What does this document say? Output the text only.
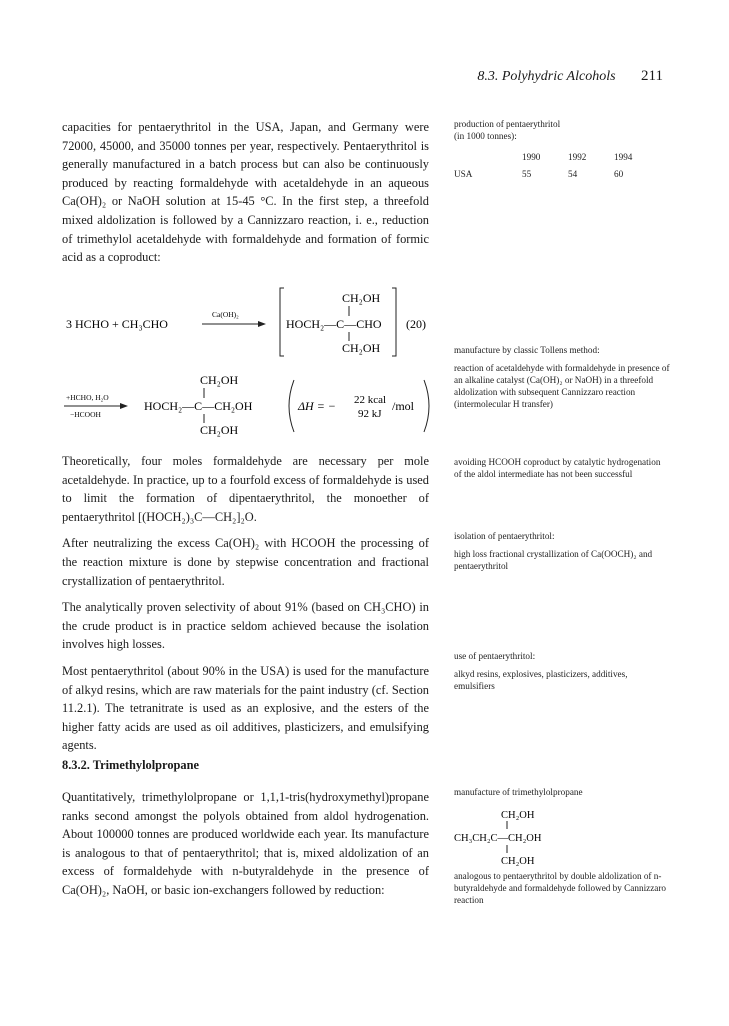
8.3. Polyhydric Alcohols 211

capacities for pentaerythritol in the USA, Japan, and Germany were 72000, 45000, and 35000 tonnes per year, respectively. Pentaerythritol is generally manufactured in a batch process but can also be continuously produced by reacting formaldehyde with acetaldehyde in an aqueous Ca(OH)₂ or NaOH solution at 15-45 °C. In the first step, a threefold mixed aldolization is followed by a Cannizzaro reaction, i. e., reduction of trimethylol acetaldehyde with formaldehyde and formation of formic acid as a coproduct:

3 HCHO + CH₃CHO
Ca(OH)₂
CH₂OH
HOCH₂—C—CHO
CH₂OH
(20)
+HCHO, H₂O
−HCOOH
CH₂OH
HOCH₂—C—CH₂OH
CH₂OH
ΔH = − 22 kcal
92 kJ
/mol

Theoretically, four moles formaldehyde are necessary per mole acetaldehyde. In practice, up to a fourfold excess of formaldehyde is used to limit the formation of dipentaerythritol, the monoether of pentaerythritol [(HOCH₂)₃C—CH₂]₂O.

After neutralizing the excess Ca(OH)₂ with HCOOH the processing of the reaction mixture is done by stepwise concentration and fractional crystallization of pentaerythritol.

The analytically proven selectivity of about 91% (based on CH₃CHO) in the crude product is in practice seldom achieved because the isolation involves high losses.

Most pentaerythritol (about 90% in the USA) is used for the manufacture of alkyd resins, which are raw materials for the paint industry (cf. Section 11.2.1). The tetranitrate is used as an explosive, and the esters of the higher fatty acids are used as oil additives, plasticizers, and emulsifying agents.

8.3.2. Trimethylolpropane

Quantitatively, trimethylolpropane or 1,1,1-tris(hydroxymethyl)propane ranks second amongst the polyols obtained from aldol hydrogenation. About 100000 tonnes are produced worldwide each year. Its manufacture is analogous to that of pentaerythritol; that is, mixed aldolization of an excess of formaldehyde with n-butyraldehyde in the presence of Ca(OH)₂, NaOH, or basic ion-exchangers followed by reduction:

production of pentaerythritol

(in 1000 tonnes):

	1990	1992	1994
USA	55	54	60

manufacture by classic Tollens method:

reaction of acetaldehyde with formaldehyde in presence of an alkaline catalyst (Ca(OH)₂ or NaOH) in a threefold aldolization with subsequent Cannizzaro reaction (intermolecular H transfer)

avoiding HCOOH coproduct by catalytic hydrogenation of the aldol intermediate has not been successful

isolation of pentaerythritol:

high loss fractional crystallization of Ca(OOCH)₂ and pentaerythritol

use of pentaerythritol:

alkyd resins, explosives, plasticizers, additives, emulsifiers

manufacture of trimethylolpropane

CH₂OH
CH₃CH₂C—CH₂OH
CH₂OH

analogous to pentaerythritol by double aldolization of n-butyraldehyde and formaldehyde followed by Cannizzaro reaction
